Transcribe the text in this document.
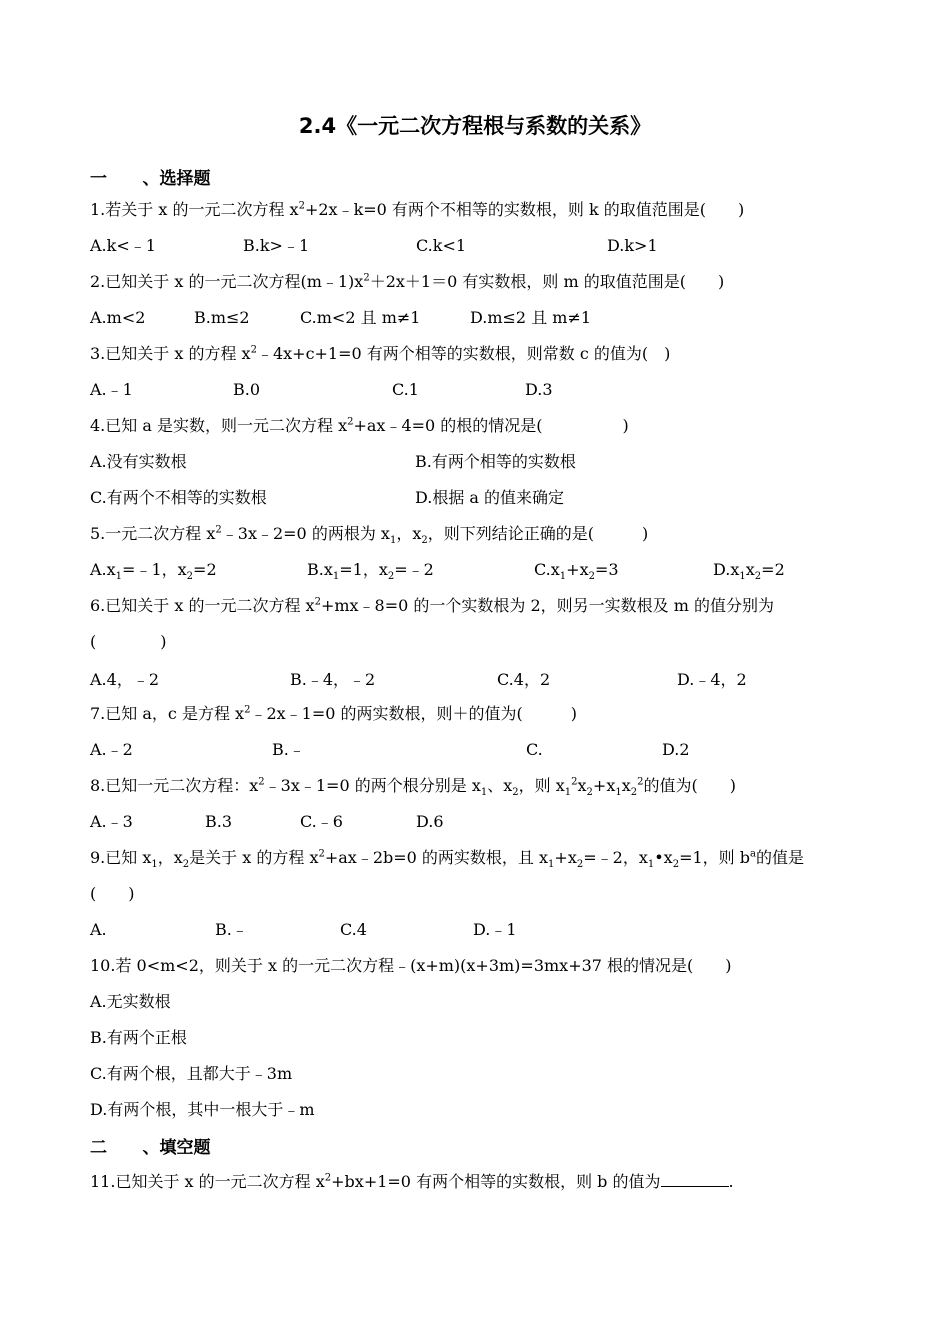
2.4《一元二次方程根与系数的关系》
一 、选择题
1.若关于 x 的一元二次方程 $x^2+2x﹣k=0$ 有两个不相等的实数根，则 k 的取值范围是(　　)
A.k<﹣1	B.k>﹣1	C.k<1	D.k>1
2.已知关于 x 的一元二次方程$(m﹣1)x^2+2x+1=0$ 有实数根，则 m 的取值范围是(　　)
A.m<2	B.m≤2	C.m<2 且 m≠1	D.m≤2 且 m≠1
3.已知关于 x 的方程 $x^2﹣4x+c+1=0$ 有两个相等的实数根，则常数 c 的值为(　)
A.﹣1	B.0	C.1	D.3
4.已知 a 是实数，则一元二次方程 $x^2+ax﹣4=0$ 的根的情况是(　　　　　)
A.没有实数根	B.有两个相等的实数根
C.有两个不相等的实数根	D.根据 a 的值来确定
5.一元二次方程 $x^2﹣3x﹣2=0$ 的两根为 $x_1$，$x_2$，则下列结论正确的是(　　　)
$A.x_1=﹣1$，$x_2=2$	$B.x_1=1$，$x_2=﹣2$	$C.x_1+x_2=3$	$D.x_1x_2=2$
6.已知关于 x 的一元二次方程 $x^2+mx﹣8=0$ 的一个实数根为 2，则另一实数根及 m 的值分别为
(　　　　)
A.4，﹣2	B.﹣4，﹣2	C.4，2	D.﹣4，2
7.已知 a，c 是方程 $x^2﹣2x﹣1=0$ 的两实数根，则＋的值为(　　　)
A.﹣2	B.﹣	C.	D.2
8.已知一元二次方程：$x^2﹣3x﹣1=0$ 的两个根分别是 $x_1$、$x_2$，则 $x_1^2x_2+x_1x_2^2$的值为(　　)
A.﹣3	B.3	C.﹣6	D.6
9.已知 $x_1$，$x_2$是关于 x 的方程 $x^2+ax﹣2b=0$ 的两实数根，且 $x_1+x_2=﹣2$，$x_1•x_2=1$，则 $b^a$的值是
(　　)
A.	B.﹣	C.4	D.﹣1
10.若 0<m<2，则关于 x 的一元二次方程﹣(x+m)(x+3m)=3mx+37 根的情况是(　　)
A.无实数根
B.有两个正根
C.有两个根，且都大于﹣3m
D.有两个根，其中一根大于﹣m
二 、填空题
11.已知关于 x 的一元二次方程 $x^2+bx+1=0$ 有两个相等的实数根，则 b 的值为	.
